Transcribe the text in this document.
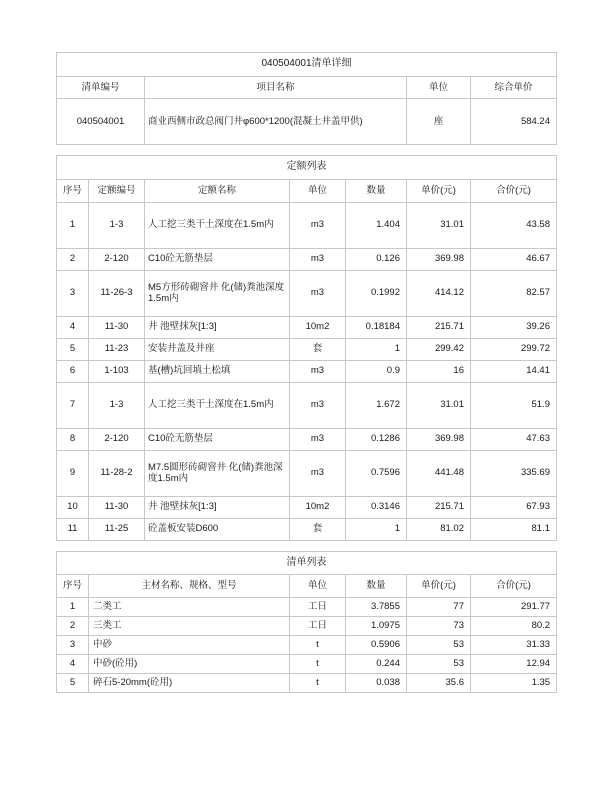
040504001清单详细			

清单编号	项目名称	单位	综合单价

040504001	商业西侧市政总阀门井φ600*1200(混凝土井盖甲供)	座	584.24
定额列表						

序号	定额编号	定额名称	单位	数量	单价(元)	合价(元)

1	1-3	人工挖三类干土深度在1.5m内	m3	1.404	31.01	43.58

2	2-120	C10砼无筋垫层	m3	0.126	369.98	46.67

3	11-26-3	M5方形砖砌窨井 化(储)粪池深度1.5m内	m3	0.1992	414.12	82.57

4	11-30	井 池壁抹灰[1:3]	10m2	0.18184	215.71	39.26

5	11-23	安装井盖及井座	套	1	299.42	299.72

6	1-103	基(槽)坑回填土松填	m3	0.9	16	14.41

7	1-3	人工挖三类干土深度在1.5m内	m3	1.672	31.01	51.9

8	2-120	C10砼无筋垫层	m3	0.1286	369.98	47.63

9	11-28-2	M7.5圆形砖砌窨井 化(储)粪池深度1.5m内	m3	0.7596	441.48	335.69

10	11-30	井 池壁抹灰[1:3]	10m2	0.3146	215.71	67.93

11	11-25	砼盖板安装D600	套	1	81.02	81.1
清单列表					

序号	主材名称、规格、型号	单位	数量	单价(元)	合价(元)

1	二类工	工日	3.7855	77	291.77

2	三类工	工日	1.0975	73	80.2

3	中砂	t	0.5906	53	31.33

4	中砂(砼用)	t	0.244	53	12.94

5	碎石5-20mm(砼用)	t	0.038	35.6	1.35
